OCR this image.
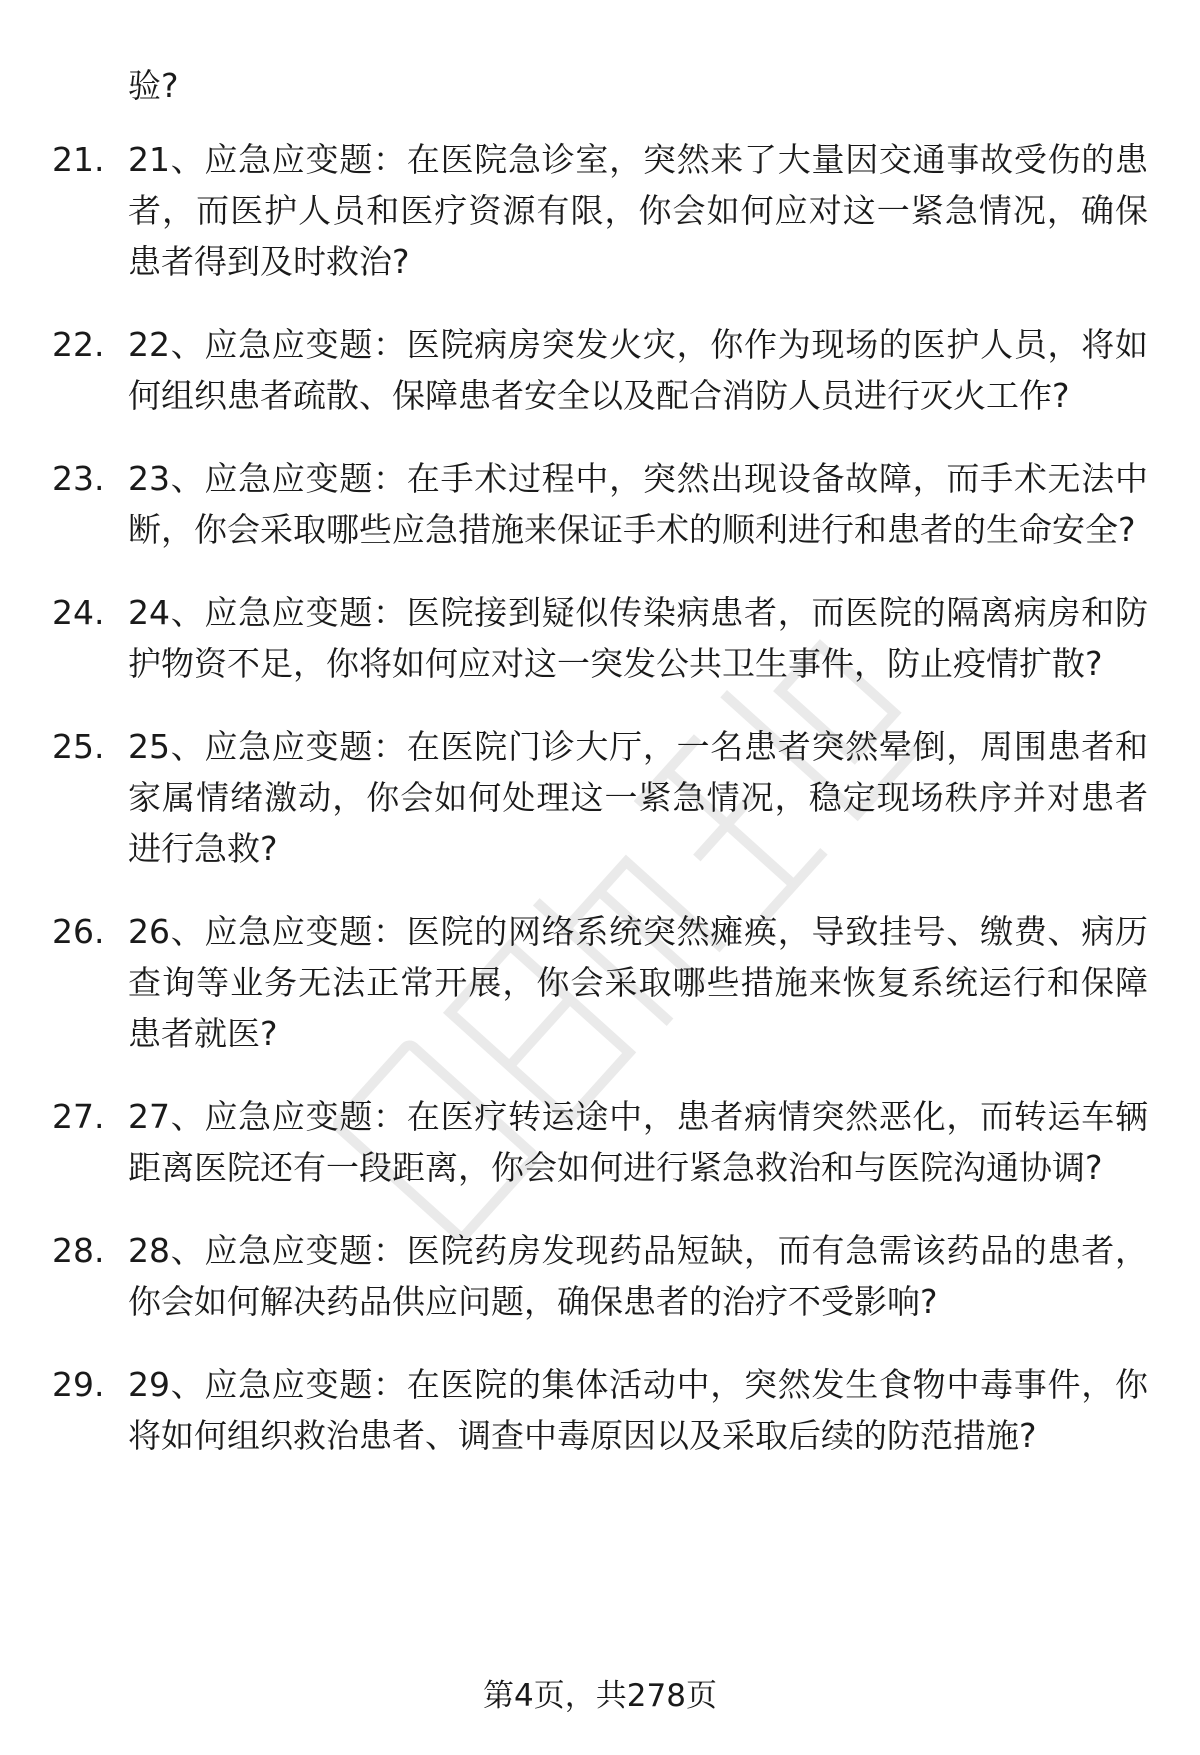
验?
21. 21、应急应变题：在医院急诊室，突然来了大量因交通事故受伤的患者，而医护人员和医疗资源有限，你会如何应对这一紧急情况，确保患者得到及时救治?
22. 22、应急应变题：医院病房突发火灾，你作为现场的医护人员，将如何组织患者疏散、保障患者安全以及配合消防人员进行灭火工作?
23. 23、应急应变题：在手术过程中，突然出现设备故障，而手术无法中断，你会采取哪些应急措施来保证手术的顺利进行和患者的生命安全?
24. 24、应急应变题：医院接到疑似传染病患者，而医院的隔离病房和防护物资不足，你将如何应对这一突发公共卫生事件，防止疫情扩散?
25. 25、应急应变题：在医院门诊大厅，一名患者突然晕倒，周围患者和家属情绪激动，你会如何处理这一紧急情况，稳定现场秩序并对患者进行急救?
26. 26、应急应变题：医院的网络系统突然瘫痪，导致挂号、缴费、病历查询等业务无法正常开展，你会采取哪些措施来恢复系统运行和保障患者就医?
27. 27、应急应变题：在医疗转运途中，患者病情突然恶化，而转运车辆距离医院还有一段距离，你会如何进行紧急救治和与医院沟通协调?
28. 28、应急应变题：医院药房发现药品短缺，而有急需该药品的患者，你会如何解决药品供应问题，确保患者的治疗不受影响?
29. 29、应急应变题：在医院的集体活动中，突然发生食物中毒事件，你将如何组织救治患者、调查中毒原因以及采取后续的防范措施?
第4页，共278页
